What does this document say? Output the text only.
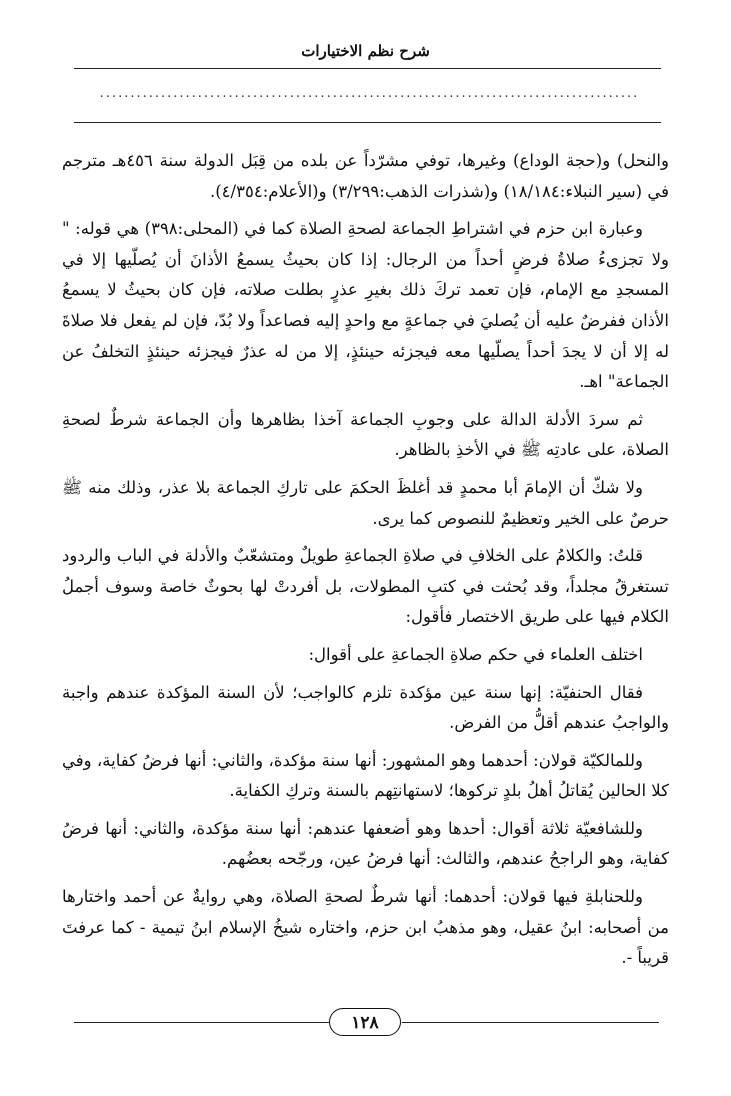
شرح نظم الاختيارات
........................................................................................

والنحل) و(حجة الوداع) وغيرها، توفي مشرّداً عن بلده من قِبَل الدولة سنة ٤٥٦هـ مترجم في (سير النبلاء:١٨/١٨٤) و(شذرات الذهب:٣/٢٩٩) و(الأعلام:٤/٣٥٤).

وعبارة ابن حزم في اشتراطِ الجماعة لصحةِ الصلاة كما في (المحلى:٣٩٨) هي قوله: " ولا تجزىءُ صلاةُ فرضٍ أحداً من الرجال: إذا كان بحيثُ يسمعُ الأذانَ أن يُصلّيها إلا في المسجدِ مع الإمام، فإن تعمد تركَ ذلك بغيرِ عذرٍ بطلت صلاته، فإن كان بحيثُ لا يسمعُ الأذان ففرضٌ عليه أن يُصليَ في جماعةٍ مع واحدٍ إليه فصاعداً ولا بُدّ، فإن لم يفعل فلا صلاةَ له إلا أن لا يجدَ أحداً يصلّيها معه فيجزئه حينئذٍ، إلا من له عذرٌ فيجزئه حينئذٍ التخلفُ عن الجماعة" اهـ.

ثم سردَ الأدلة الدالة على وجوبِ الجماعة آخذا بظاهرها وأن الجماعة شرطٌ لصحةِ الصلاة، على عادتِه ﷺ في الأخذِ بالظاهر.

ولا شكّ أن الإمامَ أبا محمدٍ قد أغلظَ الحكمَ على تاركِ الجماعة بلا عذر، وذلك منه ﷺ حرصٌ على الخير وتعظيمٌ للنصوص كما يرى.

قلتُ: والكلامُ على الخلافِ في صلاةِ الجماعةِ طويلٌ ومتشعّبٌ والأدلة في الباب والردود تستغرقُ مجلداً، وقد بُحثت في كتبِ المطولات، بل أفردتْ لها بحوثٌ خاصة وسوف أجملُ الكلام فيها على طريق الاختصار فأقول:

اختلف العلماء في حكم صلاةِ الجماعةِ على أقوال:

فقال الحنفيّة: إنها سنة عين مؤكدة تلزم كالواجب؛ لأن السنة المؤكدة عندهم واجبة والواجبُ عندهم أقلُّ من الفرض.

وللمالكيّة قولان: أحدهما وهو المشهور: أنها سنة مؤكدة، والثاني: أنها فرضُ كفاية، وفي كلا الحالين يُقاتلُ أهلُ بلدٍ تركوها؛ لاستهانتِهم بالسنة وتركِ الكفاية.

وللشافعيّة ثلاثة أقوال: أحدها وهو أضعفها عندهم: أنها سنة مؤكدة، والثاني: أنها فرضُ كفاية، وهو الراجحُ عندهم، والثالث: أنها فرضُ عين، ورجّحه بعضُهم.

وللحنابلةِ فيها قولان: أحدهما: أنها شرطٌ لصحةِ الصلاة، وهي روايةٌ عن أحمد واختارها من أصحابه: ابنُ عقيل، وهو مذهبُ ابن حزم، واختاره شيخُ الإسلام ابنُ تيمية - كما عرفتَ قريباً -.

١٢٨
